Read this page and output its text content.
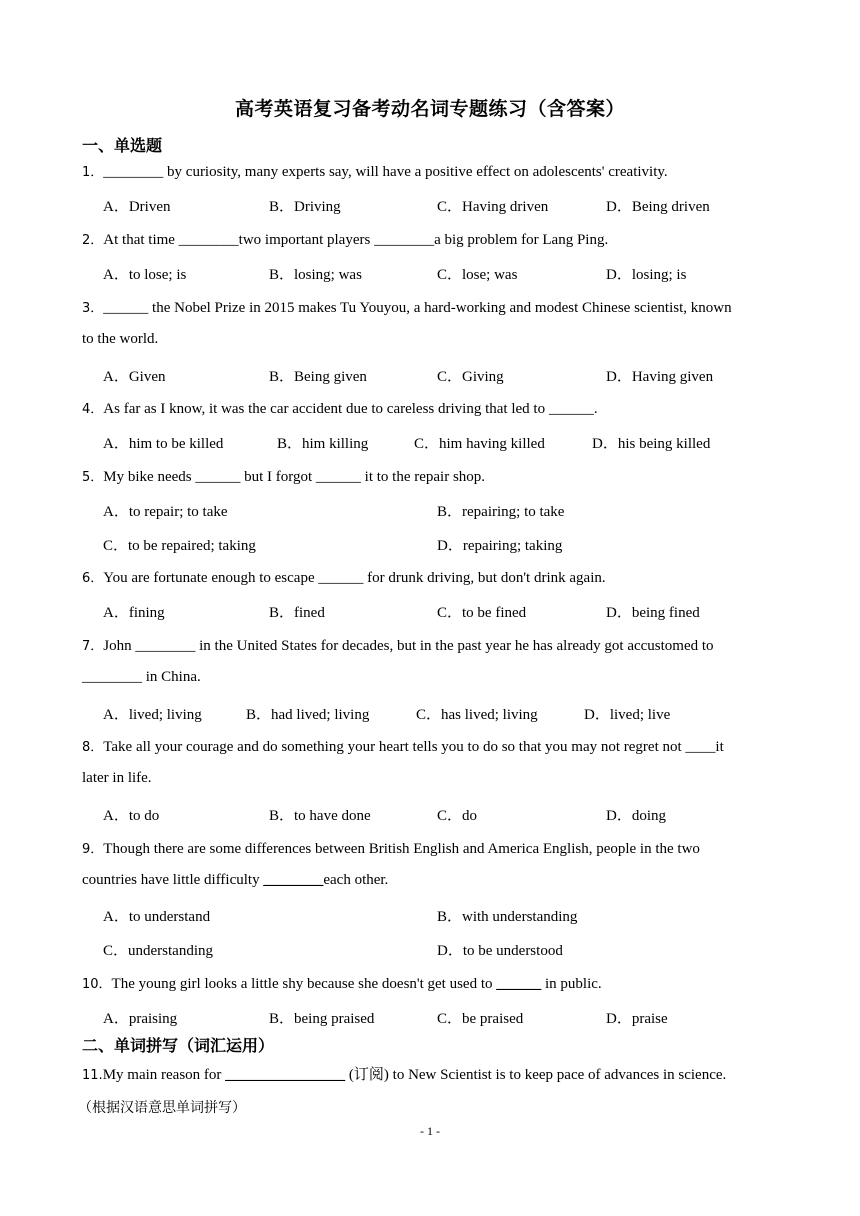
高考英语复习备考动名词专题练习（含答案）
一、单选题
1．________ by curiosity, many experts say, will have a positive effect on adolescents' creativity.
A．Driven	B．Driving	C．Having driven	D．Being driven
2．At that time ________two important players ________a big problem for Lang Ping.
A．to lose; is	B．losing; was	C．lose; was	D．losing; is
3．______ the Nobel Prize in 2015 makes Tu Youyou, a hard-working and modest Chinese scientist, known
to the world.
A．Given	B．Being given	C．Giving	D．Having given
4．As far as I know, it was the car accident due to careless driving that led to ______.
A．him to be killed	B．him killing	C．him having killed	D．his being killed
5．My bike needs ______ but I forgot ______ it to the repair shop.
A．to repair; to take	B．repairing; to take
C．to be repaired; taking	D．repairing; taking
6．You are fortunate enough to escape ______ for drunk driving, but don't drink again.
A．fining	B．fined	C．to be fined	D．being fined
7．John ________ in the United States for decades, but in the past year he has already got accustomed to
________ in China.
A．lived; living	B．had lived; living	C．has lived; living	D．lived; live
8．Take all your courage and do something your heart tells you to do so that you may not regret not ____it
later in life.
A．to do	B．to have done	C．do	D．doing
9．Though there are some differences between British English and America English, people in the two
countries have little difficulty ________each other.
A．to understand	B．with understanding
C．understanding	D．to be understood
10．The young girl looks a little shy because she doesn't get used to ______ in public.
A．praising	B．being praised	C．be praised	D．praise
二、单词拼写（词汇运用）
11.My main reason for ________________ (订阅) to New Scientist is to keep pace of advances in science.
（根据汉语意思单词拼写）
- 1 -
